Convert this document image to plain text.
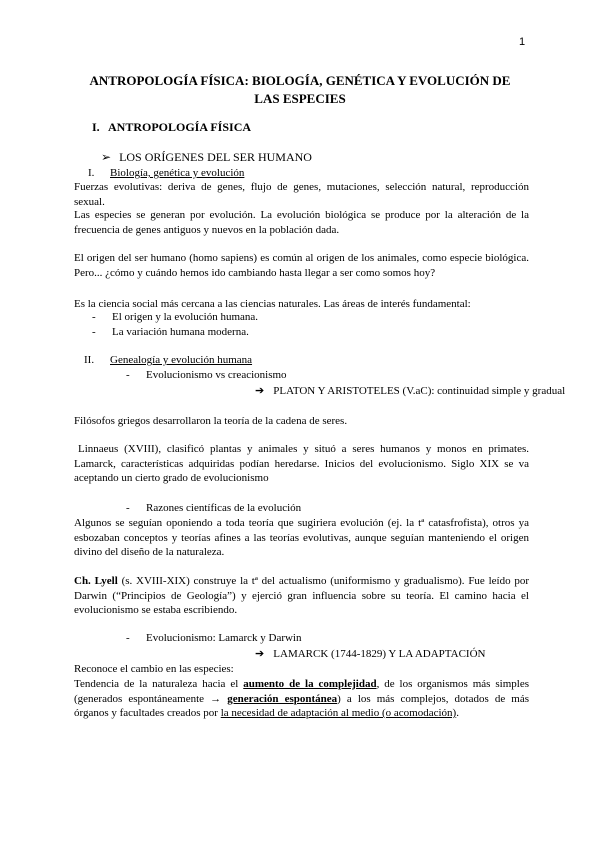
1
ANTROPOLOGÍA FÍSICA: BIOLOGÍA, GENÉTICA Y EVOLUCIÓN DE
LAS ESPECIES
I. ANTROPOLOGÍA FÍSICA
➢ LOS ORÍGENES DEL SER HUMANO
I. Biología, genética y evolución
Fuerzas evolutivas: deriva de genes, flujo de genes, mutaciones, selección natural, reproducción
sexual.
Las especies se generan por evolución. La evolución biológica se produce por la alteración de la
frecuencia de genes antiguos y nuevos en la población dada.
El origen del ser humano (homo sapiens) es común al origen de los animales, como especie biológica.
Pero... ¿cómo y cuándo hemos ido cambiando hasta llegar a ser como somos hoy?
Es la ciencia social más cercana a las ciencias naturales. Las áreas de interés fundamental:
- El origen y la evolución humana.
- La variación humana moderna.
II. Genealogía y evolución humana
- Evolucionismo vs creacionismo
➔ PLATON Y ARISTOTELES (V.aC): continuidad simple y gradual
Filósofos griegos desarrollaron la teoría de la cadena de seres.
Linnaeus (XVIII), clasificó plantas y animales y situó a seres humanos y monos en primates.
Lamarck, características adquiridas podían heredarse. Inicios del evolucionismo. Siglo XIX se va
aceptando un cierto grado de evolucionismo
- Razones científicas de la evolución
Algunos se seguían oponiendo a toda teoría que sugiriera evolución (ej. la tª catasfrofista), otros ya
esbozaban conceptos y teorías afines a las teorías evolutivas, aunque seguían manteniendo el origen
divino del diseño de la naturaleza.
Ch. Lyell (s. XVIII-XIX) construye la tª del actualismo (uniformismo y gradualismo). Fue leído por
Darwin (“Principios de Geología”) y ejerció gran influencia sobre su teoría. El camino hacia el
evolucionismo se estaba escribiendo.
- Evolucionismo: Lamarck y Darwin
➔ LAMARCK (1744-1829) Y LA ADAPTACIÓN
Reconoce el cambio en las especies:
Tendencia de la naturaleza hacia el aumento de la complejidad, de los organismos más simples
(generados espontáneamente → generación espontánea) a los más complejos, dotados de más
órganos y facultades creados por la necesidad de adaptación al medio (o acomodación).
